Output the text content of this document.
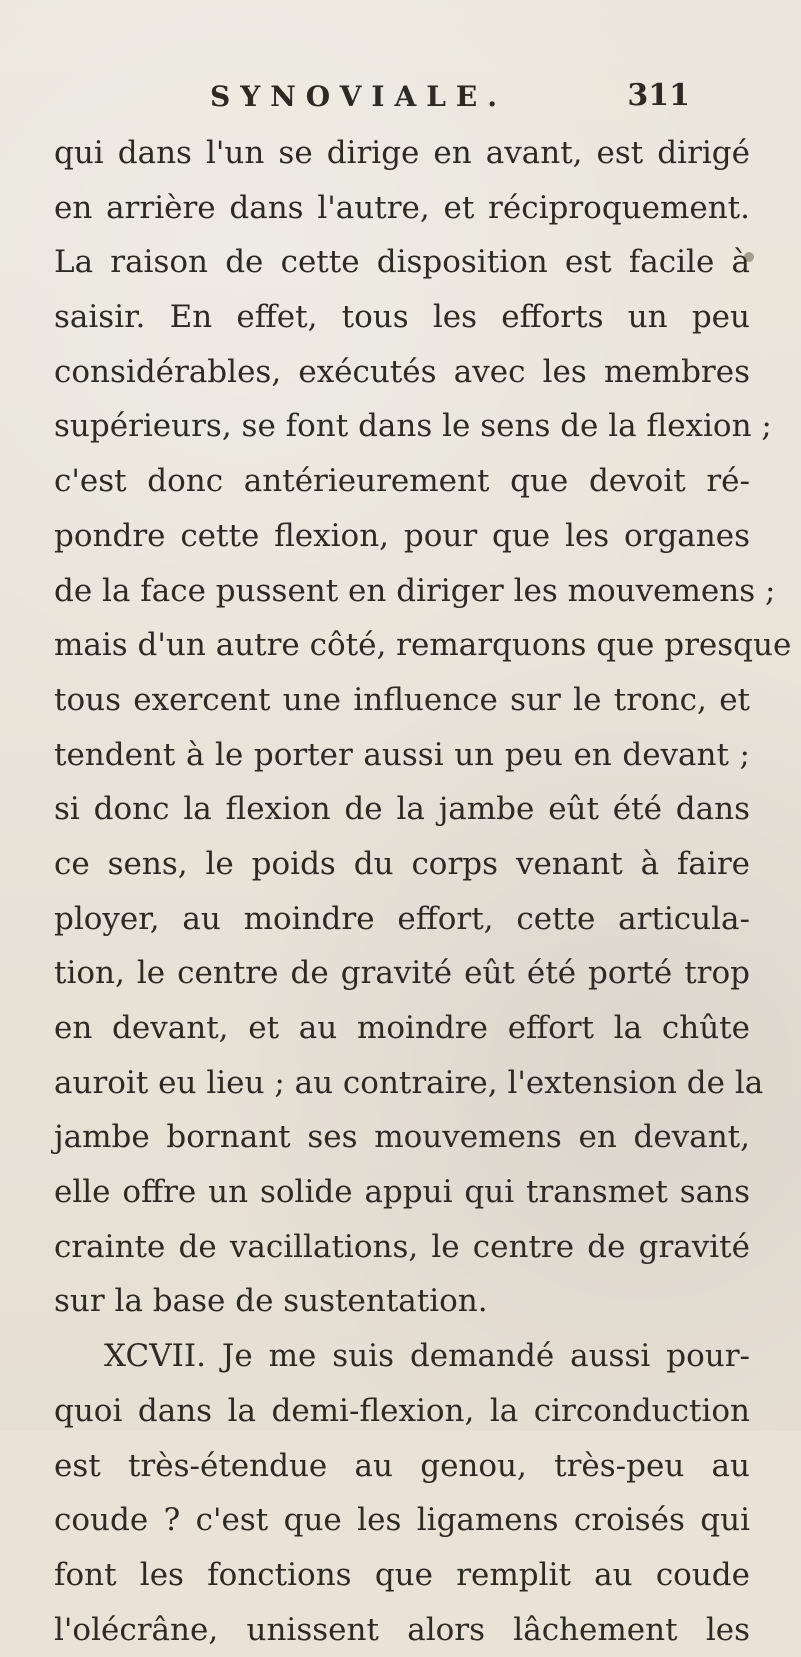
SYNOVIALE.	311
qui dans l'un se dirige en avant, est dirigé
en arrière dans l'autre, et réciproquement.
La raison de cette disposition est facile à
saisir. En effet, tous les efforts un peu
considérables, exécutés avec les membres
supérieurs, se font dans le sens de la flexion ;
c'est donc antérieurement que devoit ré-
pondre cette flexion, pour que les organes
de la face pussent en diriger les mouvemens ;
mais d'un autre côté, remarquons que presque
tous exercent une influence sur le tronc, et
tendent à le porter aussi un peu en devant ;
si donc la flexion de la jambe eût été dans
ce sens, le poids du corps venant à faire
ployer, au moindre effort, cette articula-
tion, le centre de gravité eût été porté trop
en devant, et au moindre effort la chûte
auroit eu lieu ; au contraire, l'extension de la
jambe bornant ses mouvemens en devant,
elle offre un solide appui qui transmet sans
crainte de vacillations, le centre de gravité
sur la base de sustentation.
XCVII. Je me suis demandé aussi pour-
quoi dans la demi-flexion, la circonduction
est très-étendue au genou, très-peu au
coude ? c'est que les ligamens croisés qui
font les fonctions que remplit au coude
l'olécrâne, unissent alors lâchement les
